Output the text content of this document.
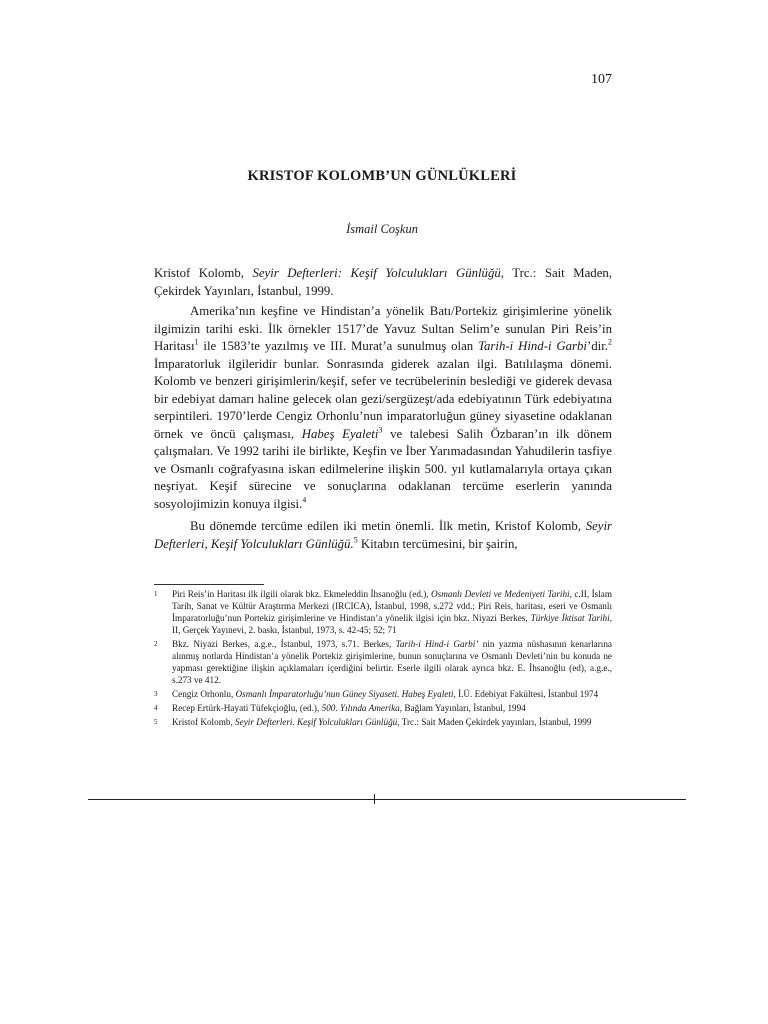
107
KRISTOF KOLOMB’UN GÜNLÜKLERİ
İsmail Coşkun

Kristof Kolomb, Seyir Defterleri: Keşif Yolculukları Günlüğü, Trc.: Sait Maden, Çekirdek Yayınları, İstanbul, 1999.

Amerika’nın keşfine ve Hindistan’a yönelik Batı/Portekiz girişimlerine yönelik ilgimizin tarihi eski. İlk örnekler 1517’de Yavuz Sultan Selim’e sunulan Piri Reis’in Haritası$^1$ ile 1583’te yazılmış ve III. Murat’a sunulmuş olan Tarih-i Hind-i Garbi’dir.$^2$ İmparatorluk ilgileridir bunlar. Sonrasında giderek azalan ilgi. Batılılaşma dönemi. Kolomb ve benzeri girişimlerin/keşif, sefer ve tecrübelerinin beslediği ve giderek devasa bir edebiyat damarı haline gelecek olan gezi/sergüzeşt/ada edebiyatının Türk edebiyatına serpintileri. 1970’lerde Cengiz Orhonlu’nun imparatorluğun güney siyasetine odaklanan örnek ve öncü çalışması, Habeş Eyaleti$^3$ ve talebesi Salih Özbaran’ın ilk dönem çalışmaları. Ve 1992 tarihi ile birlikte, Keşfin ve İber Yarımadasından Yahudilerin tasfiye ve Osmanlı coğrafyasına iskan edilmelerine ilişkin 500. yıl kutlamalarıyla ortaya çıkan neşriyat. Keşif sürecine ve sonuçlarına odaklanan tercüme eserlerin yanında sosyolojimizin konuya ilgisi.$^4$

Bu dönemde tercüme edilen iki metin önemli. İlk metin, Kristof Kolomb, Seyir Defterleri, Keşif Yolculukları Günlüğü.$^5$ Kitabın tercümesini, bir şairin,

1	Piri Reis’in Haritası ilk ilgili olarak bkz. Ekmeleddin İhsanoğlu (ed.), Osmanlı Devleti ve Medeniyeti Tarihi, c.II, İslam Tarih, Sanat ve Kültür Araştırma Merkezi (IRCICA), İstanbul, 1998, s.272 vdd.; Piri Reis, haritası, eseri ve Osmanlı İmparatorluğu’nun Portekiz girişimlerine ve Hindistan’a yönelik ilgisi için bkz. Niyazi Berkes, Türkiye İktisat Tarihi, II, Gerçek Yayınevi, 2. baskı, İstanbul, 1973, s. 42-45; 52; 71
2	Bkz. Niyazi Berkes, a.g.e., İstanbul, 1973, s.71. Berkes, Tarih-i Hind-i Garbi’ nin yazma nüshasının kenarlarına alınmış notlarda Hindistan’a yönelik Portekiz girişimlerine, bunun sonuçlarına ve Osmanlı Devleti’nin bu konuda ne yapması gerektiğine ilişkin açıklamaları içerdiğini belirtir. Eserle ilgili olarak ayrıca bkz. E. İhsanoğlu (ed), a.g.e., s.273 ve 412.
3	Cengiz Orhonlu, Osmanlı İmparatorluğu’nun Güney Siyaseti. Habeş Eyaleti, İ.Ü. Edebiyat Fakültesi, İstanbul 1974
4	Recep Ertürk-Hayati Tüfekçioğlu, (ed.), 500. Yılında Amerika, Bağlam Yayınları, İstanbul, 1994
5	Kristof Kolomb, Seyir Defterleri. Keşif Yolculukları Günlüğü, Trc.: Sait Maden Çekirdek yayınları, İstanbul, 1999
